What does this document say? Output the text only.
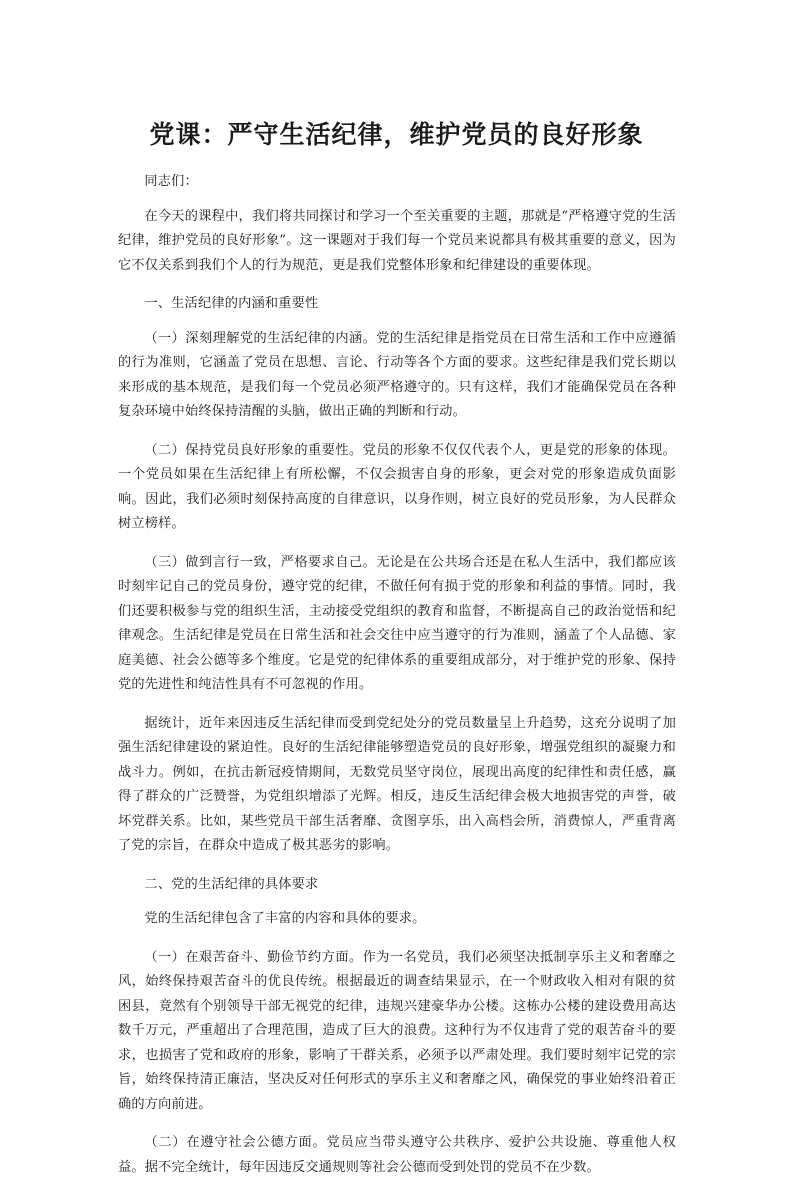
党课：严守生活纪律，维护党员的良好形象

同志们：

在今天的课程中，我们将共同探讨和学习一个至关重要的主题，那就是“严格遵守党的生活纪律，维护党员的良好形象”。这一课题对于我们每一个党员来说都具有极其重要的意义，因为它不仅关系到我们个人的行为规范，更是我们党整体形象和纪律建设的重要体现。

一、生活纪律的内涵和重要性

（一）深刻理解党的生活纪律的内涵。党的生活纪律是指党员在日常生活和工作中应遵循的行为准则，它涵盖了党员在思想、言论、行动等各个方面的要求。这些纪律是我们党长期以来形成的基本规范，是我们每一个党员必须严格遵守的。只有这样，我们才能确保党员在各种复杂环境中始终保持清醒的头脑，做出正确的判断和行动。

（二）保持党员良好形象的重要性。党员的形象不仅仅代表个人，更是党的形象的体现。一个党员如果在生活纪律上有所松懈，不仅会损害自身的形象，更会对党的形象造成负面影响。因此，我们必须时刻保持高度的自律意识，以身作则，树立良好的党员形象，为人民群众树立榜样。

（三）做到言行一致，严格要求自己。无论是在公共场合还是在私人生活中，我们都应该时刻牢记自己的党员身份，遵守党的纪律，不做任何有损于党的形象和利益的事情。同时，我们还要积极参与党的组织生活，主动接受党组织的教育和监督，不断提高自己的政治觉悟和纪律观念。生活纪律是党员在日常生活和社会交往中应当遵守的行为准则，涵盖了个人品德、家庭美德、社会公德等多个维度。它是党的纪律体系的重要组成部分，对于维护党的形象、保持党的先进性和纯洁性具有不可忽视的作用。

据统计，近年来因违反生活纪律而受到党纪处分的党员数量呈上升趋势，这充分说明了加强生活纪律建设的紧迫性。良好的生活纪律能够塑造党员的良好形象，增强党组织的凝聚力和战斗力。例如，在抗击新冠疫情期间，无数党员坚守岗位，展现出高度的纪律性和责任感，赢得了群众的广泛赞誉，为党组织增添了光辉。相反，违反生活纪律会极大地损害党的声誉，破坏党群关系。比如，某些党员干部生活奢靡、贪图享乐，出入高档会所，消费惊人，严重背离了党的宗旨，在群众中造成了极其恶劣的影响。

二、党的生活纪律的具体要求

党的生活纪律包含了丰富的内容和具体的要求。

（一）在艰苦奋斗、勤俭节约方面。作为一名党员，我们必须坚决抵制享乐主义和奢靡之风，始终保持艰苦奋斗的优良传统。根据最近的调查结果显示，在一个财政收入相对有限的贫困县，竟然有个别领导干部无视党的纪律，违规兴建豪华办公楼。这栋办公楼的建设费用高达数千万元，严重超出了合理范围，造成了巨大的浪费。这种行为不仅违背了党的艰苦奋斗的要求，也损害了党和政府的形象，影响了干群关系，必须予以严肃处理。我们要时刻牢记党的宗旨，始终保持清正廉洁，坚决反对任何形式的享乐主义和奢靡之风，确保党的事业始终沿着正确的方向前进。

（二）在遵守社会公德方面。党员应当带头遵守公共秩序、爱护公共设施、尊重他人权益。据不完全统计，每年因违反交通规则等社会公德而受到处罚的党员不在少数。
